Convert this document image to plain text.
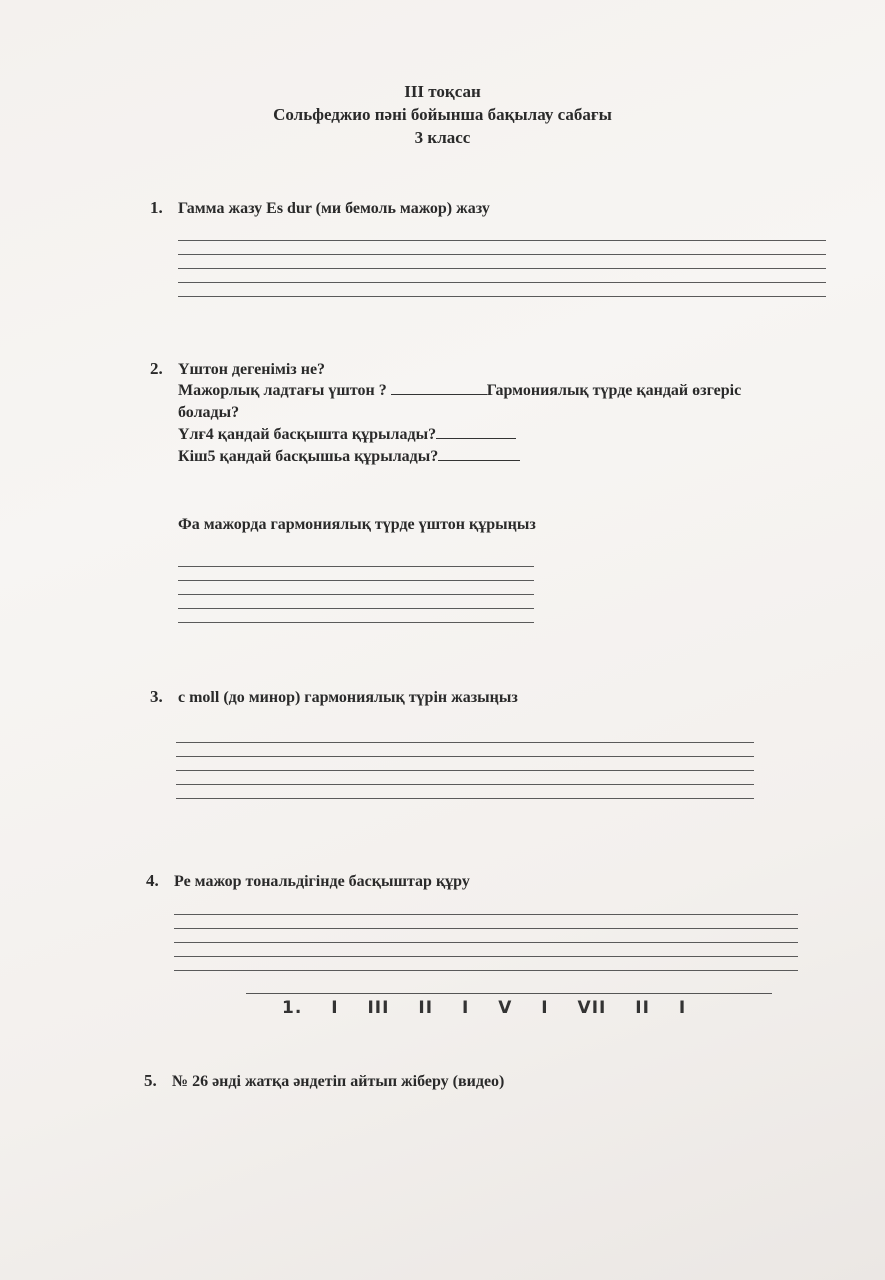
III тоқсан
Сольфеджио пәні бойынша бақылау сабағы
3 класс
1. Гамма жазу Es dur (ми бемоль мажор) жазу
2. Үштон дегеніміз не?
Мажорлық ладтағы үштон ?	Гармониялық түрде қандай өзгеріс
болады?
Үлғ4 қандай басқышта құрылады?
Кіш5 қандай басқышьа құрылады?
Фа мажорда гармониялық түрде үштон құрыңыз
3. c moll (до минор) гармониялық түрін жазыңыз
4. Ре мажор тональдігінде басқыштар құру
1. I III II I V I VII II I
5. № 26 әнді жатқа әндетіп айтып жіберу (видео)
